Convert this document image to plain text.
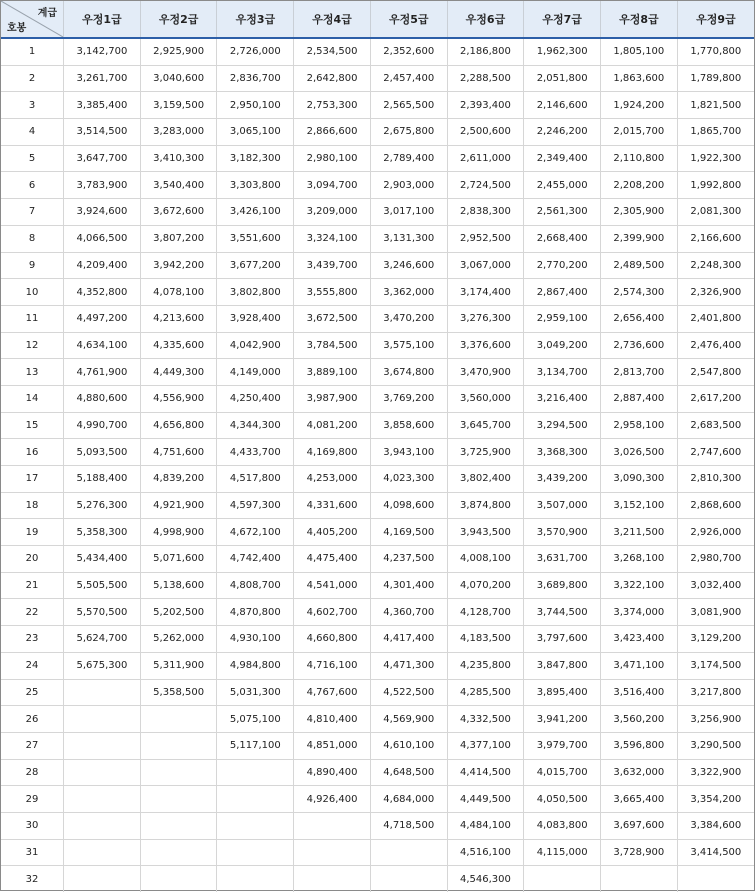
계급
호봉	우정1급	우정2급	우정3급	우정4급	우정5급	우정6급	우정7급	우정8급	우정9급
1	3,142,700	2,925,900	2,726,000	2,534,500	2,352,600	2,186,800	1,962,300	1,805,100	1,770,800
2	3,261,700	3,040,600	2,836,700	2,642,800	2,457,400	2,288,500	2,051,800	1,863,600	1,789,800
3	3,385,400	3,159,500	2,950,100	2,753,300	2,565,500	2,393,400	2,146,600	1,924,200	1,821,500
4	3,514,500	3,283,000	3,065,100	2,866,600	2,675,800	2,500,600	2,246,200	2,015,700	1,865,700
5	3,647,700	3,410,300	3,182,300	2,980,100	2,789,400	2,611,000	2,349,400	2,110,800	1,922,300
6	3,783,900	3,540,400	3,303,800	3,094,700	2,903,000	2,724,500	2,455,000	2,208,200	1,992,800
7	3,924,600	3,672,600	3,426,100	3,209,000	3,017,100	2,838,300	2,561,300	2,305,900	2,081,300
8	4,066,500	3,807,200	3,551,600	3,324,100	3,131,300	2,952,500	2,668,400	2,399,900	2,166,600
9	4,209,400	3,942,200	3,677,200	3,439,700	3,246,600	3,067,000	2,770,200	2,489,500	2,248,300
10	4,352,800	4,078,100	3,802,800	3,555,800	3,362,000	3,174,400	2,867,400	2,574,300	2,326,900
11	4,497,200	4,213,600	3,928,400	3,672,500	3,470,200	3,276,300	2,959,100	2,656,400	2,401,800
12	4,634,100	4,335,600	4,042,900	3,784,500	3,575,100	3,376,600	3,049,200	2,736,600	2,476,400
13	4,761,900	4,449,300	4,149,000	3,889,100	3,674,800	3,470,900	3,134,700	2,813,700	2,547,800
14	4,880,600	4,556,900	4,250,400	3,987,900	3,769,200	3,560,000	3,216,400	2,887,400	2,617,200
15	4,990,700	4,656,800	4,344,300	4,081,200	3,858,600	3,645,700	3,294,500	2,958,100	2,683,500
16	5,093,500	4,751,600	4,433,700	4,169,800	3,943,100	3,725,900	3,368,300	3,026,500	2,747,600
17	5,188,400	4,839,200	4,517,800	4,253,000	4,023,300	3,802,400	3,439,200	3,090,300	2,810,300
18	5,276,300	4,921,900	4,597,300	4,331,600	4,098,600	3,874,800	3,507,000	3,152,100	2,868,600
19	5,358,300	4,998,900	4,672,100	4,405,200	4,169,500	3,943,500	3,570,900	3,211,500	2,926,000
20	5,434,400	5,071,600	4,742,400	4,475,400	4,237,500	4,008,100	3,631,700	3,268,100	2,980,700
21	5,505,500	5,138,600	4,808,700	4,541,000	4,301,400	4,070,200	3,689,800	3,322,100	3,032,400
22	5,570,500	5,202,500	4,870,800	4,602,700	4,360,700	4,128,700	3,744,500	3,374,000	3,081,900
23	5,624,700	5,262,000	4,930,100	4,660,800	4,417,400	4,183,500	3,797,600	3,423,400	3,129,200
24	5,675,300	5,311,900	4,984,800	4,716,100	4,471,300	4,235,800	3,847,800	3,471,100	3,174,500
25		5,358,500	5,031,300	4,767,600	4,522,500	4,285,500	3,895,400	3,516,400	3,217,800
26			5,075,100	4,810,400	4,569,900	4,332,500	3,941,200	3,560,200	3,256,900
27			5,117,100	4,851,000	4,610,100	4,377,100	3,979,700	3,596,800	3,290,500
28				4,890,400	4,648,500	4,414,500	4,015,700	3,632,000	3,322,900
29				4,926,400	4,684,000	4,449,500	4,050,500	3,665,400	3,354,200
30					4,718,500	4,484,100	4,083,800	3,697,600	3,384,600
31						4,516,100	4,115,000	3,728,900	3,414,500
32						4,546,300			
